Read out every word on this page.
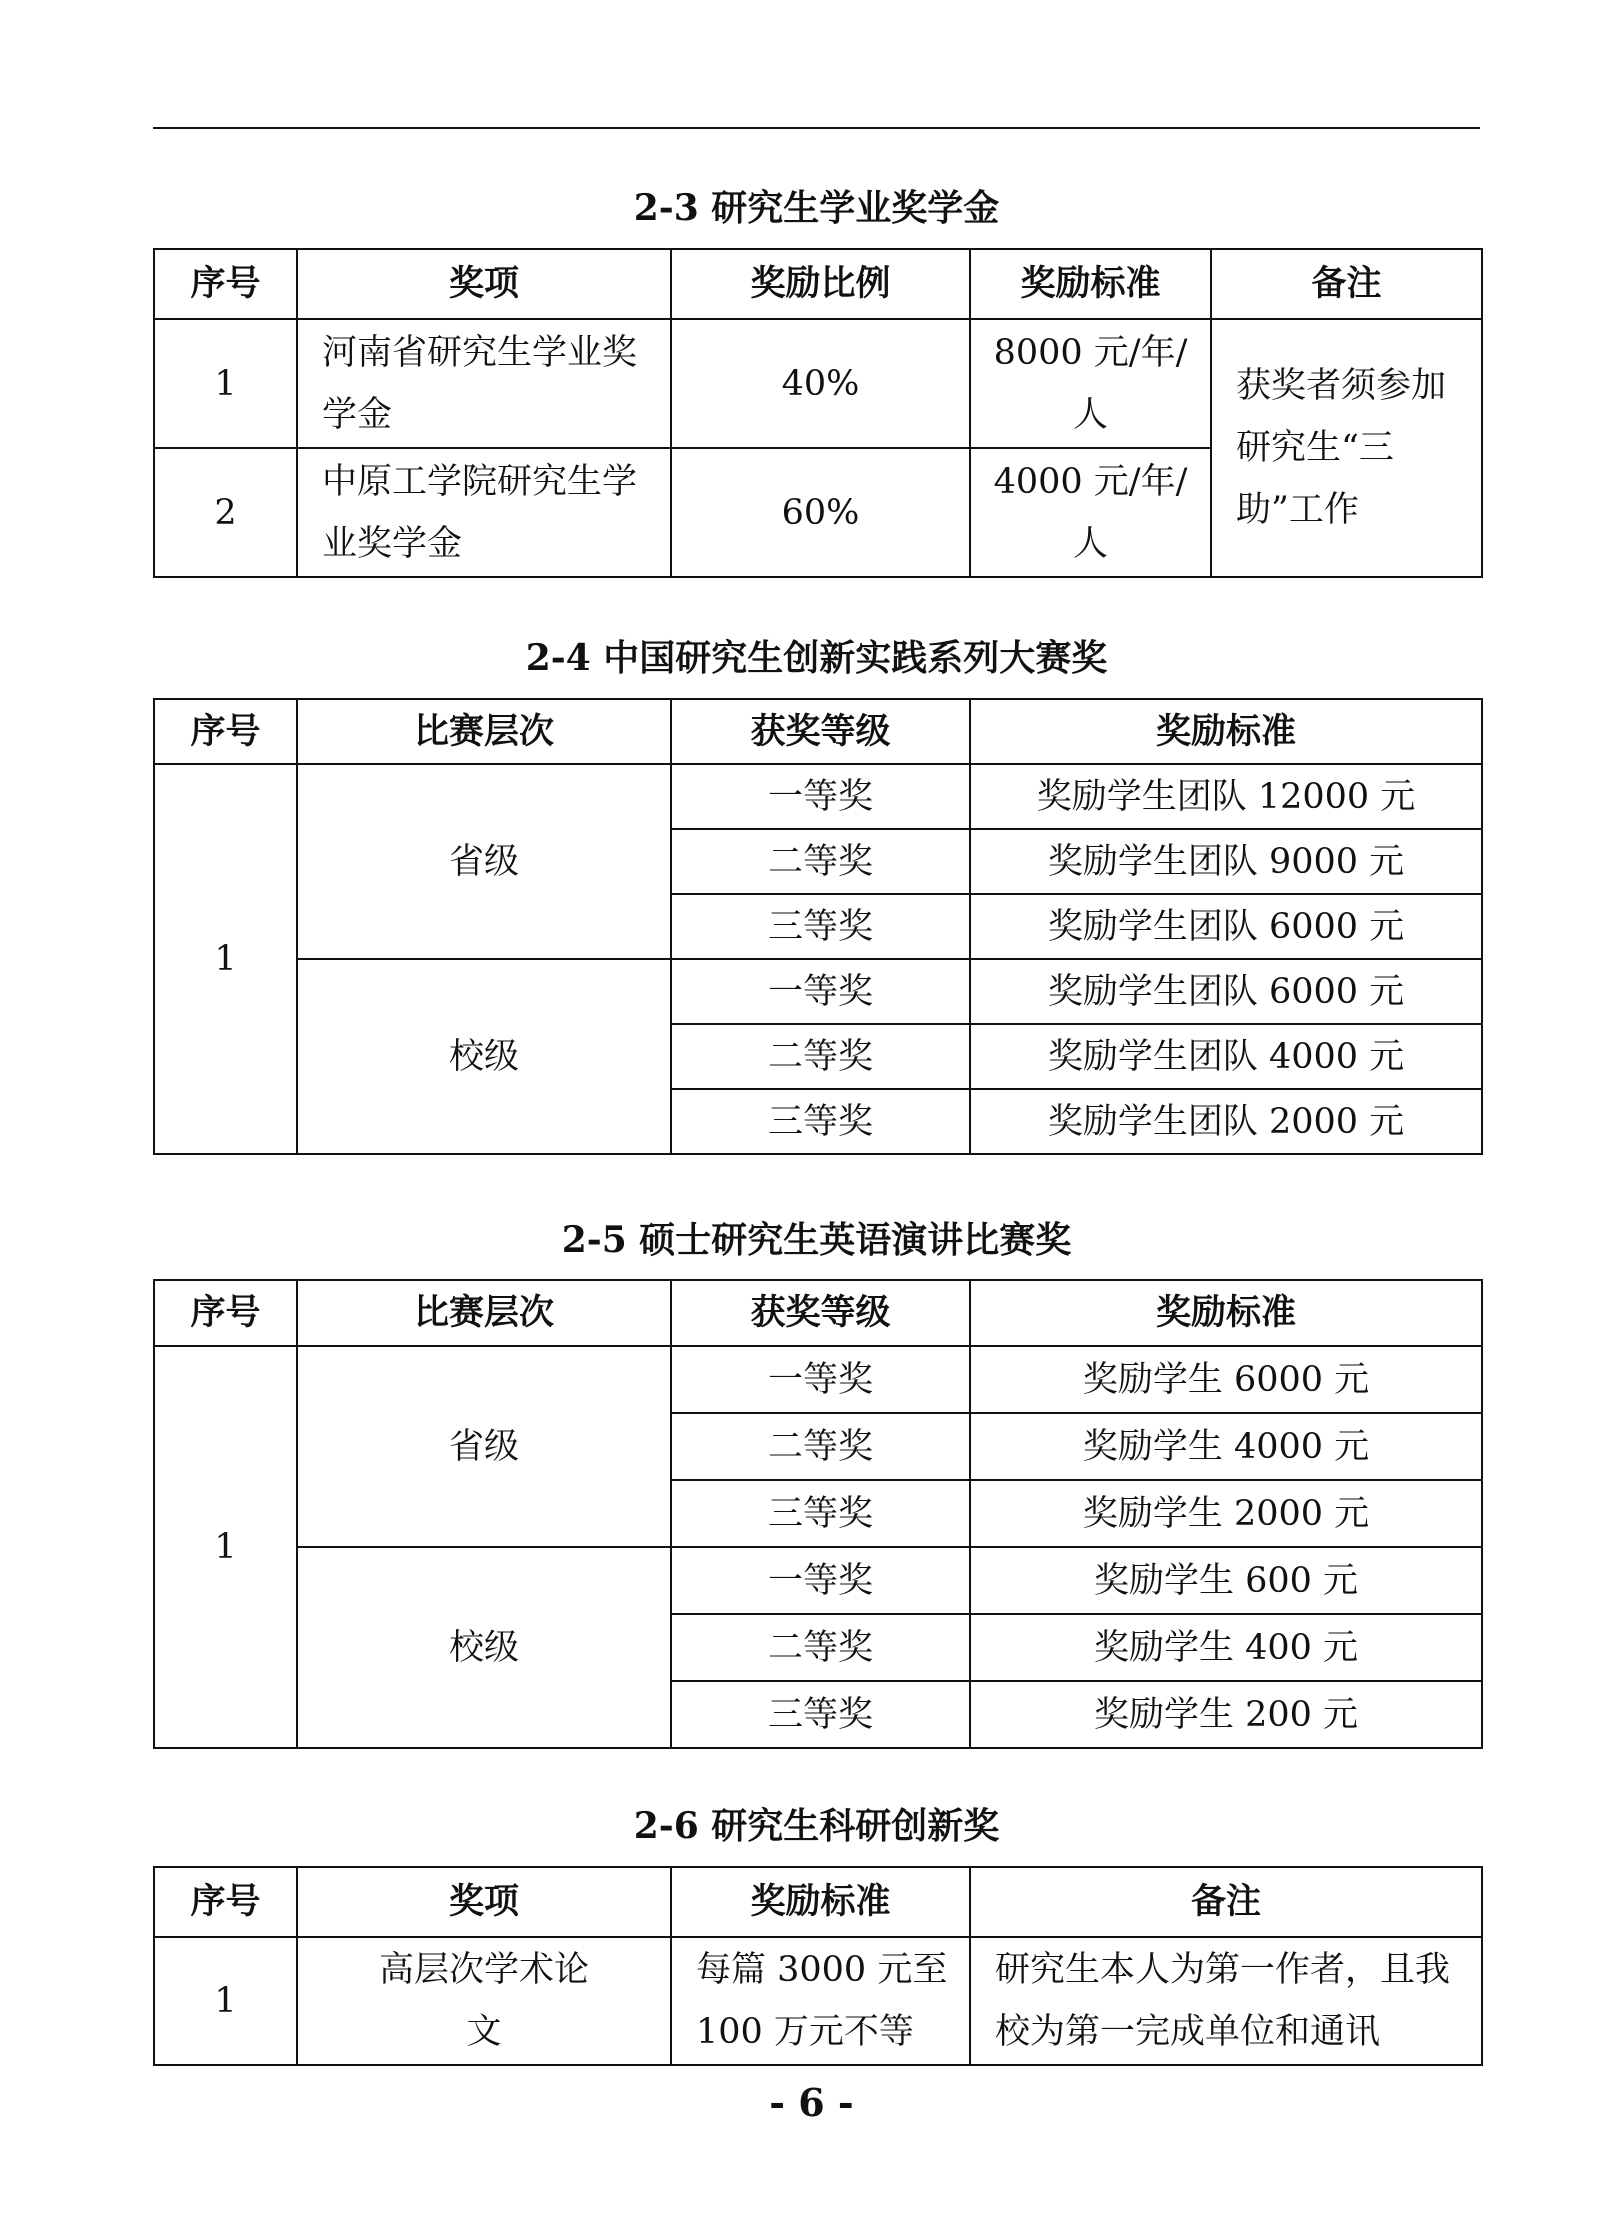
2-3 研究生学业奖学金
序号	奖项	奖励比例	奖励标准	备注
1	河南省研究生学业奖学金	40%	8000 元/年/人	获奖者须参加研究生“三助”工作
2	中原工学院研究生学业奖学金	60%	4000 元/年/人	
2-4 中国研究生创新实践系列大赛奖
序号	比赛层次	获奖等级	奖励标准
1	省级	一等奖	奖励学生团队 12000 元
		二等奖	奖励学生团队 9000 元
		三等奖	奖励学生团队 6000 元
	校级	一等奖	奖励学生团队 6000 元
		二等奖	奖励学生团队 4000 元
		三等奖	奖励学生团队 2000 元
2-5 硕士研究生英语演讲比赛奖
序号	比赛层次	获奖等级	奖励标准
1	省级	一等奖	奖励学生 6000 元
		二等奖	奖励学生 4000 元
		三等奖	奖励学生 2000 元
	校级	一等奖	奖励学生 600 元
		二等奖	奖励学生 400 元
		三等奖	奖励学生 200 元
2-6 研究生科研创新奖
序号	奖项	奖励标准	备注
1	高层次学术论文	每篇 3000 元至 100 万元不等	研究生本人为第一作者，且我校为第一完成单位和通讯
- 6 -
